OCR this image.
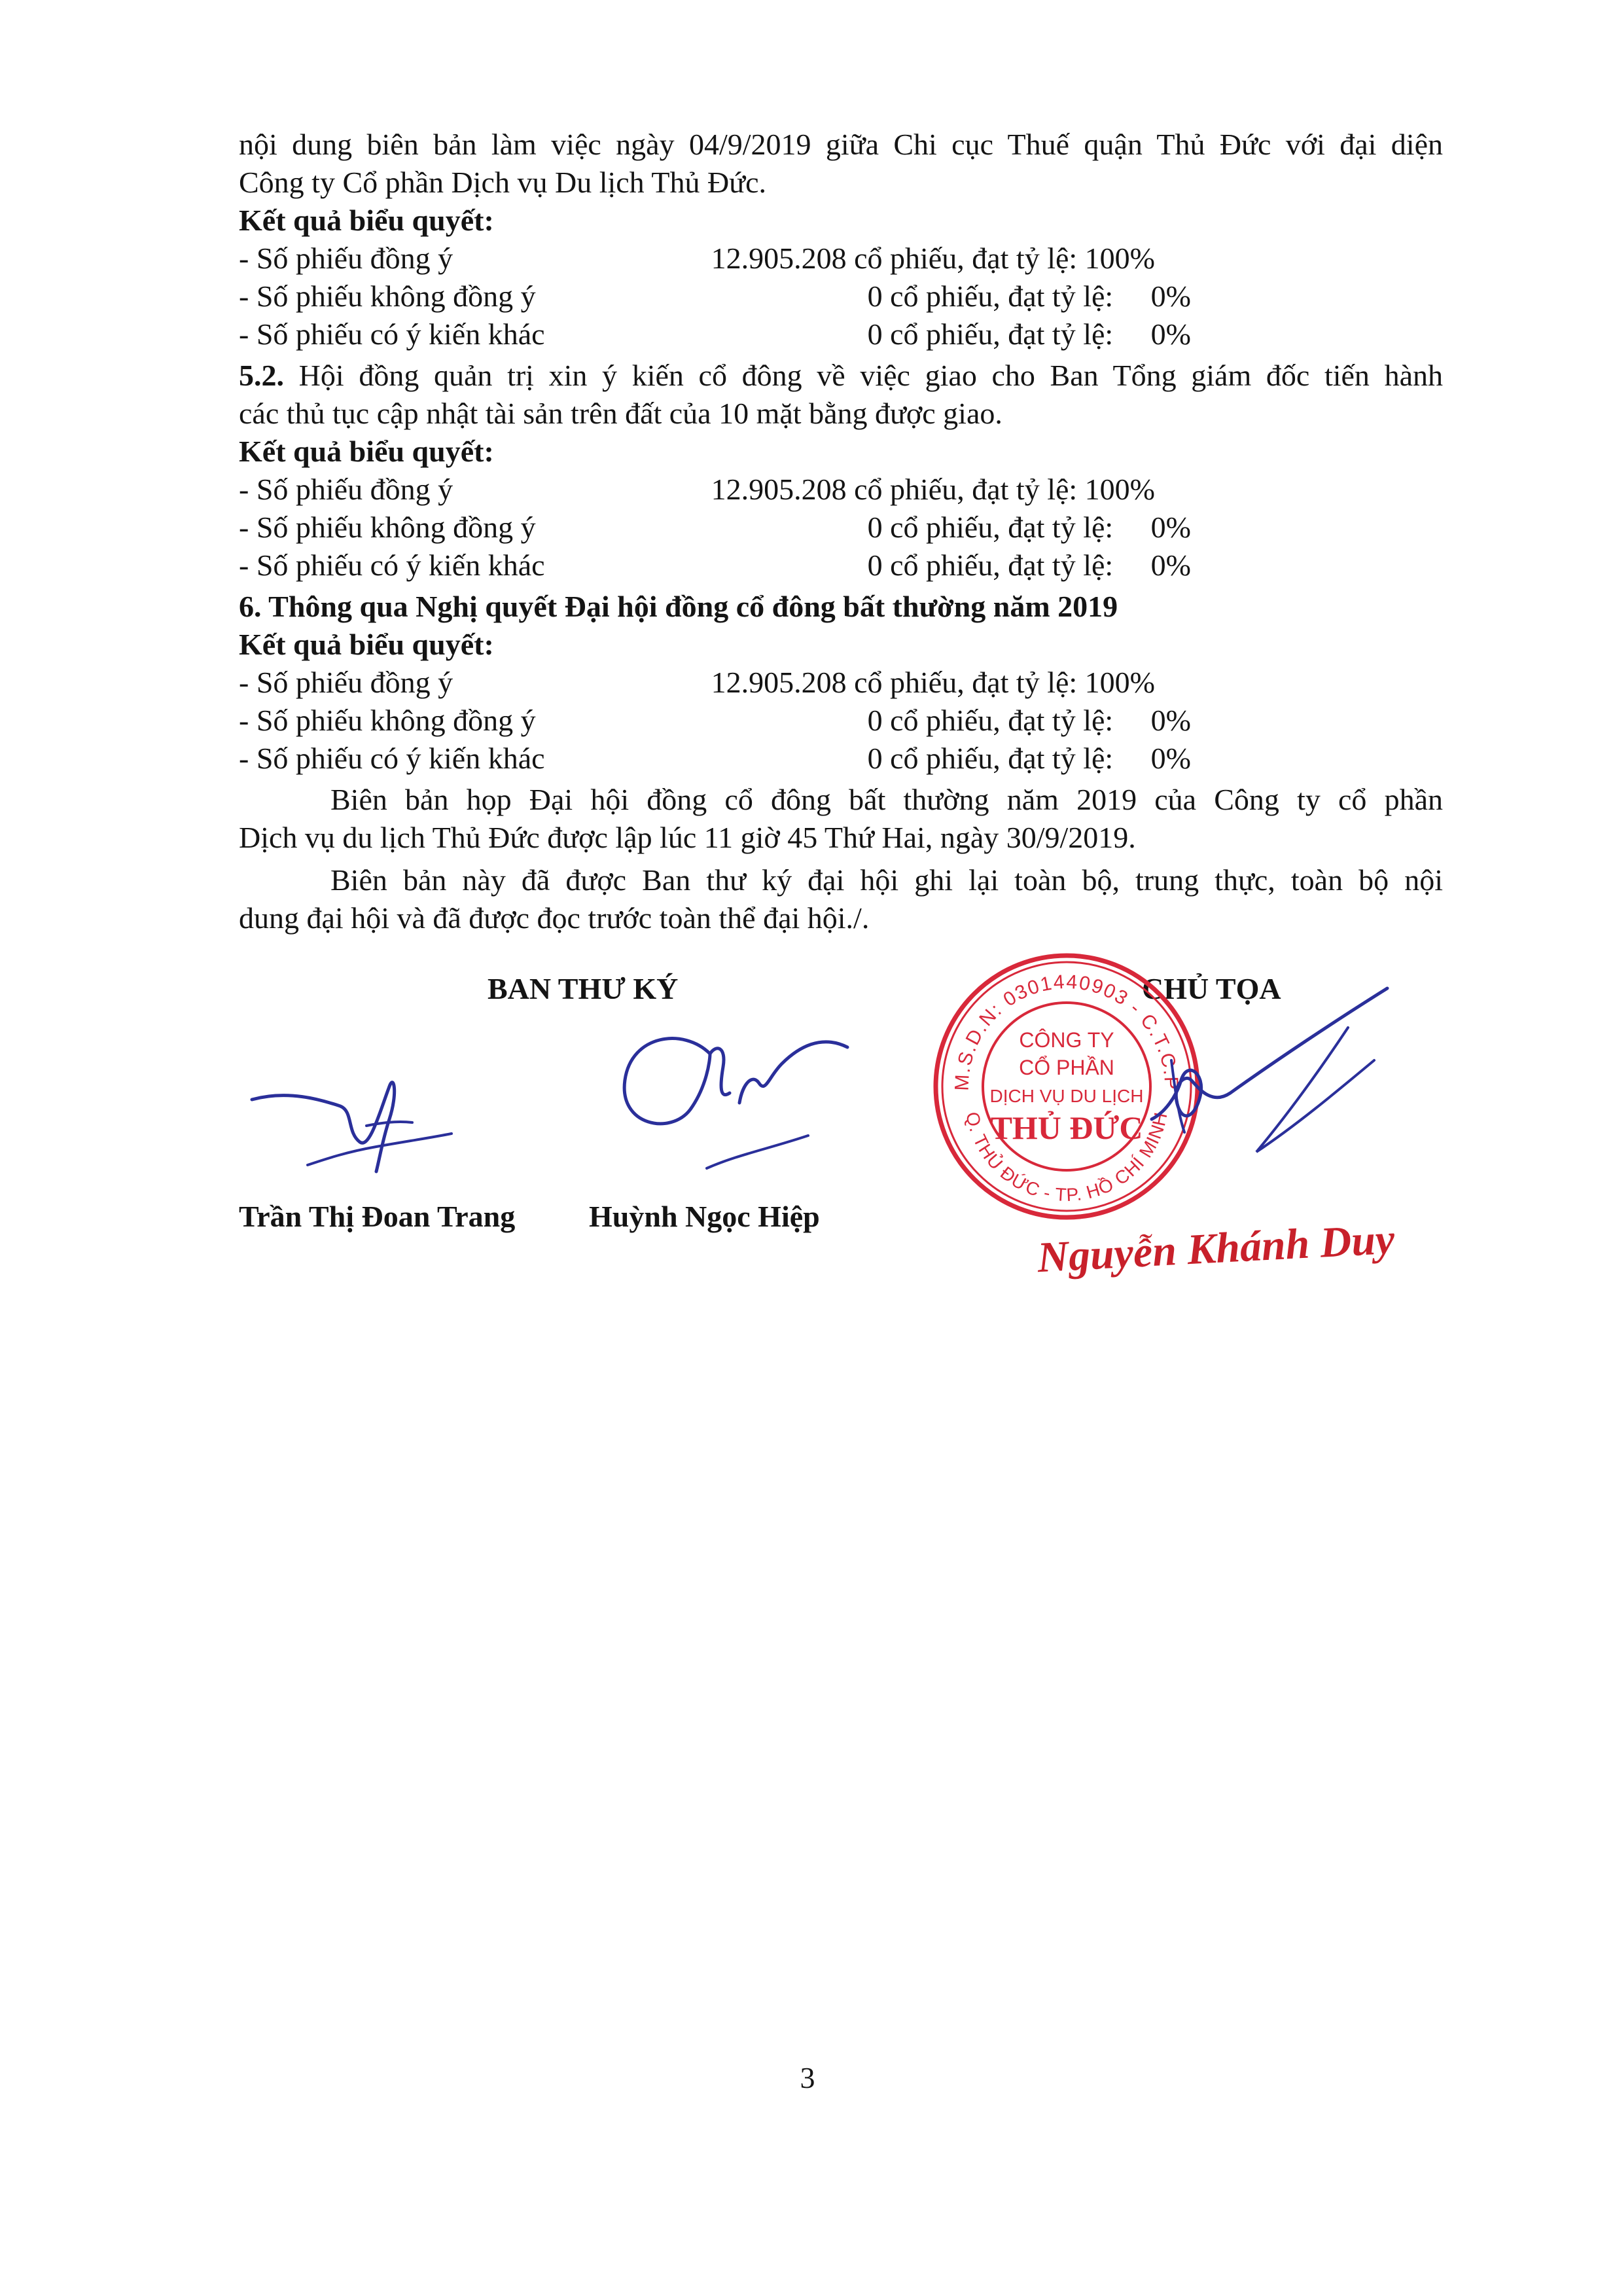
nội dung biên bản làm việc ngày 04/9/2019 giữa Chi cục Thuế quận Thủ Đức với đại diện
Công ty Cổ phần Dịch vụ Du lịch Thủ Đức.
Kết quả biểu quyết:
- Số phiếu đồng ý	12.905.208 cổ phiếu, đạt tỷ lệ: 100%
- Số phiếu không đồng ý	0 cổ phiếu, đạt tỷ lệ:     0%
- Số phiếu có ý kiến khác	0 cổ phiếu, đạt tỷ lệ:     0%
5.2. Hội đồng quản trị xin ý kiến cổ đông về việc giao cho Ban Tổng giám đốc tiến hành
các thủ tục cập nhật tài sản trên đất của 10 mặt bằng được giao.
Kết quả biểu quyết:
- Số phiếu đồng ý	12.905.208 cổ phiếu, đạt tỷ lệ: 100%
- Số phiếu không đồng ý	0 cổ phiếu, đạt tỷ lệ:     0%
- Số phiếu có ý kiến khác	0 cổ phiếu, đạt tỷ lệ:     0%
6. Thông qua Nghị quyết Đại hội đồng cổ đông bất thường năm 2019
Kết quả biểu quyết:
- Số phiếu đồng ý	12.905.208 cổ phiếu, đạt tỷ lệ: 100%
- Số phiếu không đồng ý	0 cổ phiếu, đạt tỷ lệ:     0%
- Số phiếu có ý kiến khác	0 cổ phiếu, đạt tỷ lệ:     0%
Biên bản họp Đại hội đồng cổ đông bất thường năm 2019 của Công ty cổ phần
Dịch vụ du lịch Thủ Đức được lập lúc 11 giờ 45 Thứ Hai, ngày 30/9/2019.
Biên bản này đã được Ban thư ký đại hội ghi lại toàn bộ, trung thực, toàn bộ nội
dung đại hội và đã được đọc trước toàn thể đại hội./.
BAN THƯ KÝ	CHỦ TỌA
Trần Thị Đoan Trang Huỳnh Ngọc Hiệp
M.S.D.N: 0301440903 - C.T.C.P
Q. THỦ ĐỨC - TP. HỒ CHÍ MINH
CÔNG TY
CỔ PHẦN
DỊCH VỤ DU LỊCH
THỦ ĐỨC
Nguyễn Khánh Duy
3
